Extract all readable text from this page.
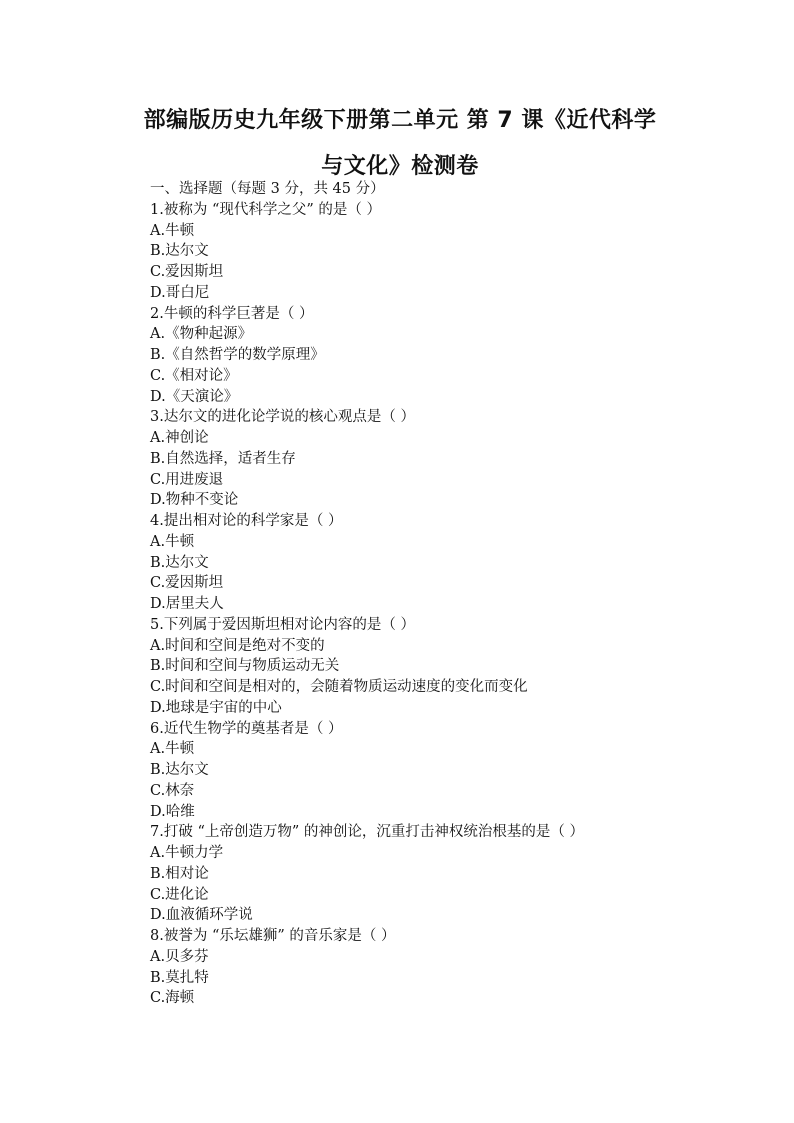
部编版历史九年级下册第二单元 第 7 课《近代科学
与文化》检测卷

一、选择题（每题 3 分，共 45 分）

1.被称为 “现代科学之父” 的是（ ）

A.牛顿

B.达尔文

C.爱因斯坦

D.哥白尼

2.牛顿的科学巨著是（ ）

A.《物种起源》

B.《自然哲学的数学原理》

C.《相对论》

D.《天演论》

3.达尔文的进化论学说的核心观点是（ ）

A.神创论

B.自然选择，适者生存

C.用进废退

D.物种不变论

4.提出相对论的科学家是（ ）

A.牛顿

B.达尔文

C.爱因斯坦

D.居里夫人

5.下列属于爱因斯坦相对论内容的是（ ）

A.时间和空间是绝对不变的

B.时间和空间与物质运动无关

C.时间和空间是相对的，会随着物质运动速度的变化而变化

D.地球是宇宙的中心

6.近代生物学的奠基者是（ ）

A.牛顿

B.达尔文

C.林奈

D.哈维

7.打破 “上帝创造万物” 的神创论，沉重打击神权统治根基的是（ ）

A.牛顿力学

B.相对论

C.进化论

D.血液循环学说

8.被誉为 “乐坛雄狮” 的音乐家是（ ）

A.贝多芬

B.莫扎特

C.海顿
